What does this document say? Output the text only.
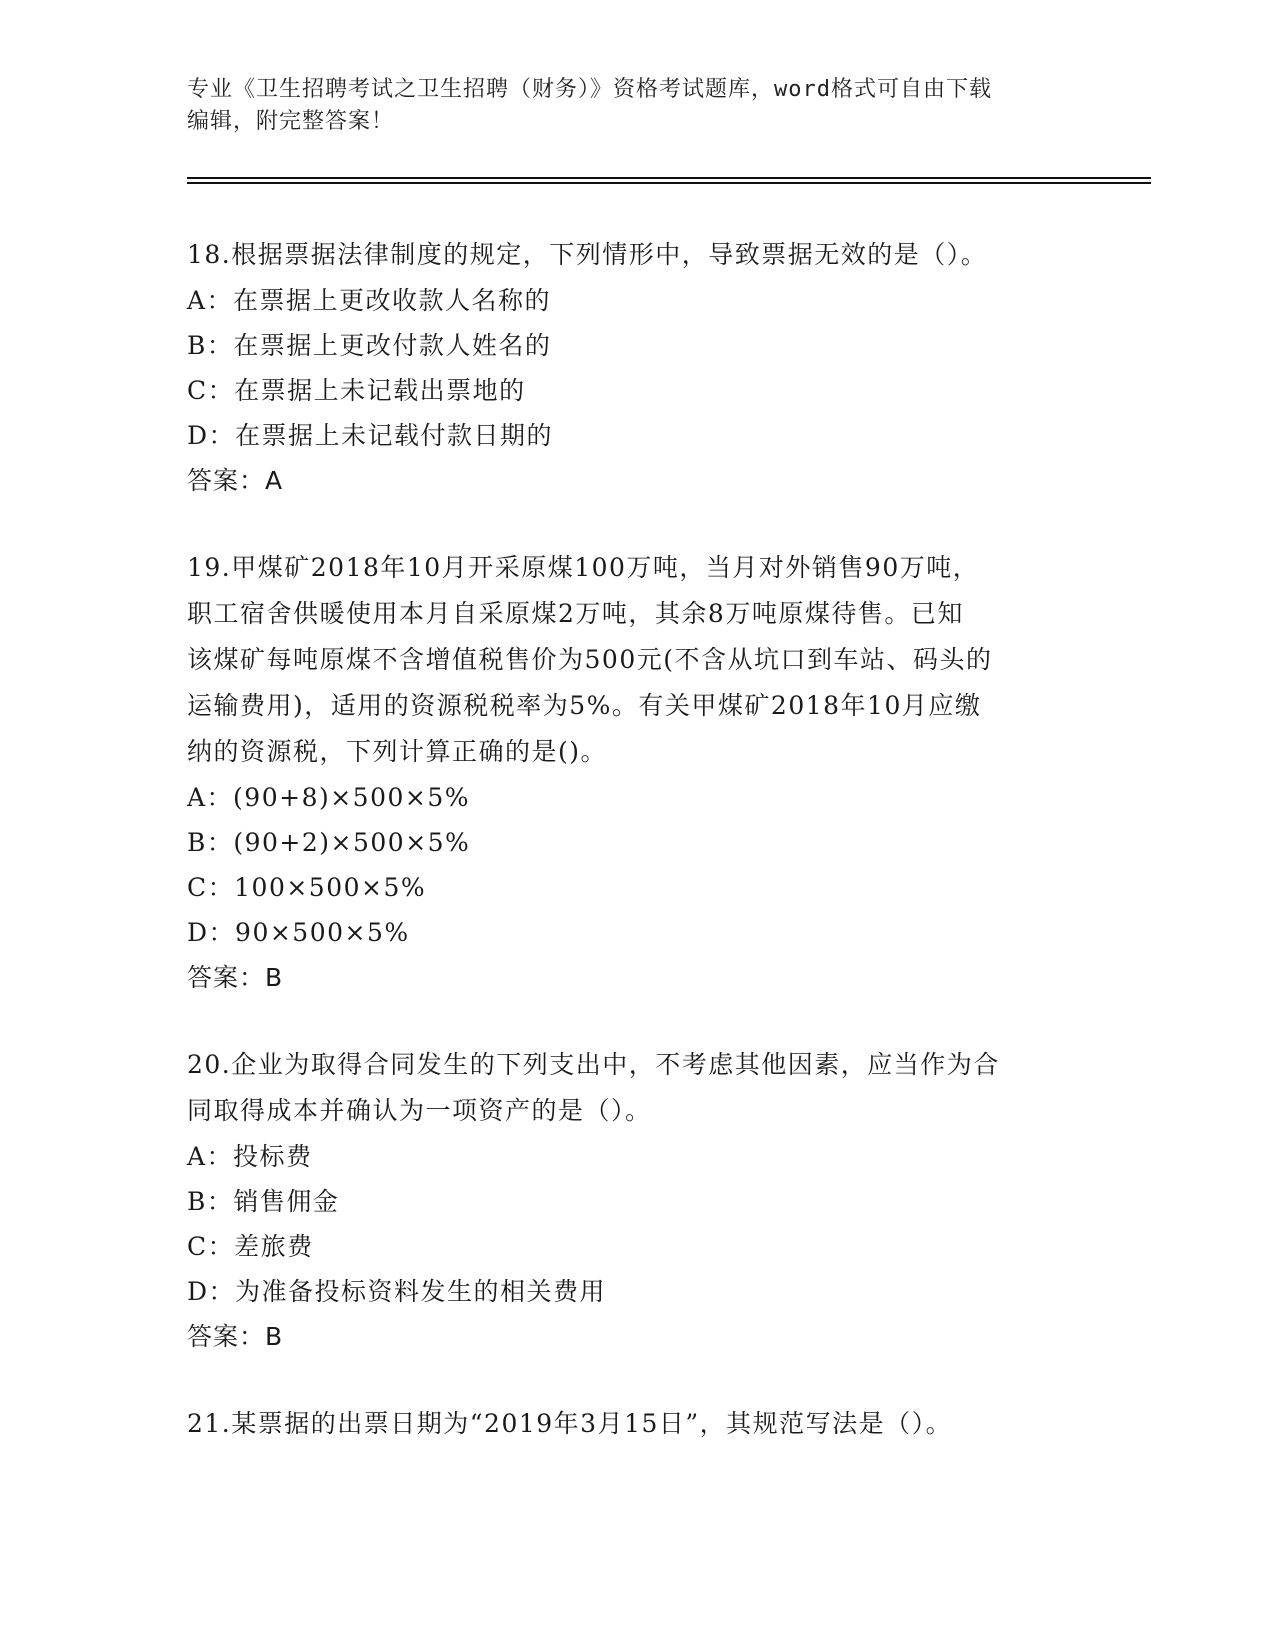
专业《卫生招聘考试之卫生招聘（财务）》资格考试题库，word格式可自由下载
编辑，附完整答案！
18.根据票据法律制度的规定，下列情形中，导致票据无效的是（）。
A：在票据上更改收款人名称的
B：在票据上更改付款人姓名的
C：在票据上未记载出票地的
D：在票据上未记载付款日期的
答案：A
19.甲煤矿2018年10月开采原煤100万吨，当月对外销售90万吨，
职工宿舍供暖使用本月自采原煤2万吨，其余8万吨原煤待售。已知
该煤矿每吨原煤不含增值税售价为500元(不含从坑口到车站、码头的
运输费用)，适用的资源税税率为5%。有关甲煤矿2018年10月应缴
纳的资源税，下列计算正确的是()。
A：(90+8)×500×5%
B：(90+2)×500×5%
C：100×500×5%
D：90×500×5%
答案：B
20.企业为取得合同发生的下列支出中，不考虑其他因素，应当作为合
同取得成本并确认为一项资产的是（）。
A：投标费
B：销售佣金
C：差旅费
D：为准备投标资料发生的相关费用
答案：B
21.某票据的出票日期为“2019年3月15日”，其规范写法是（）。
